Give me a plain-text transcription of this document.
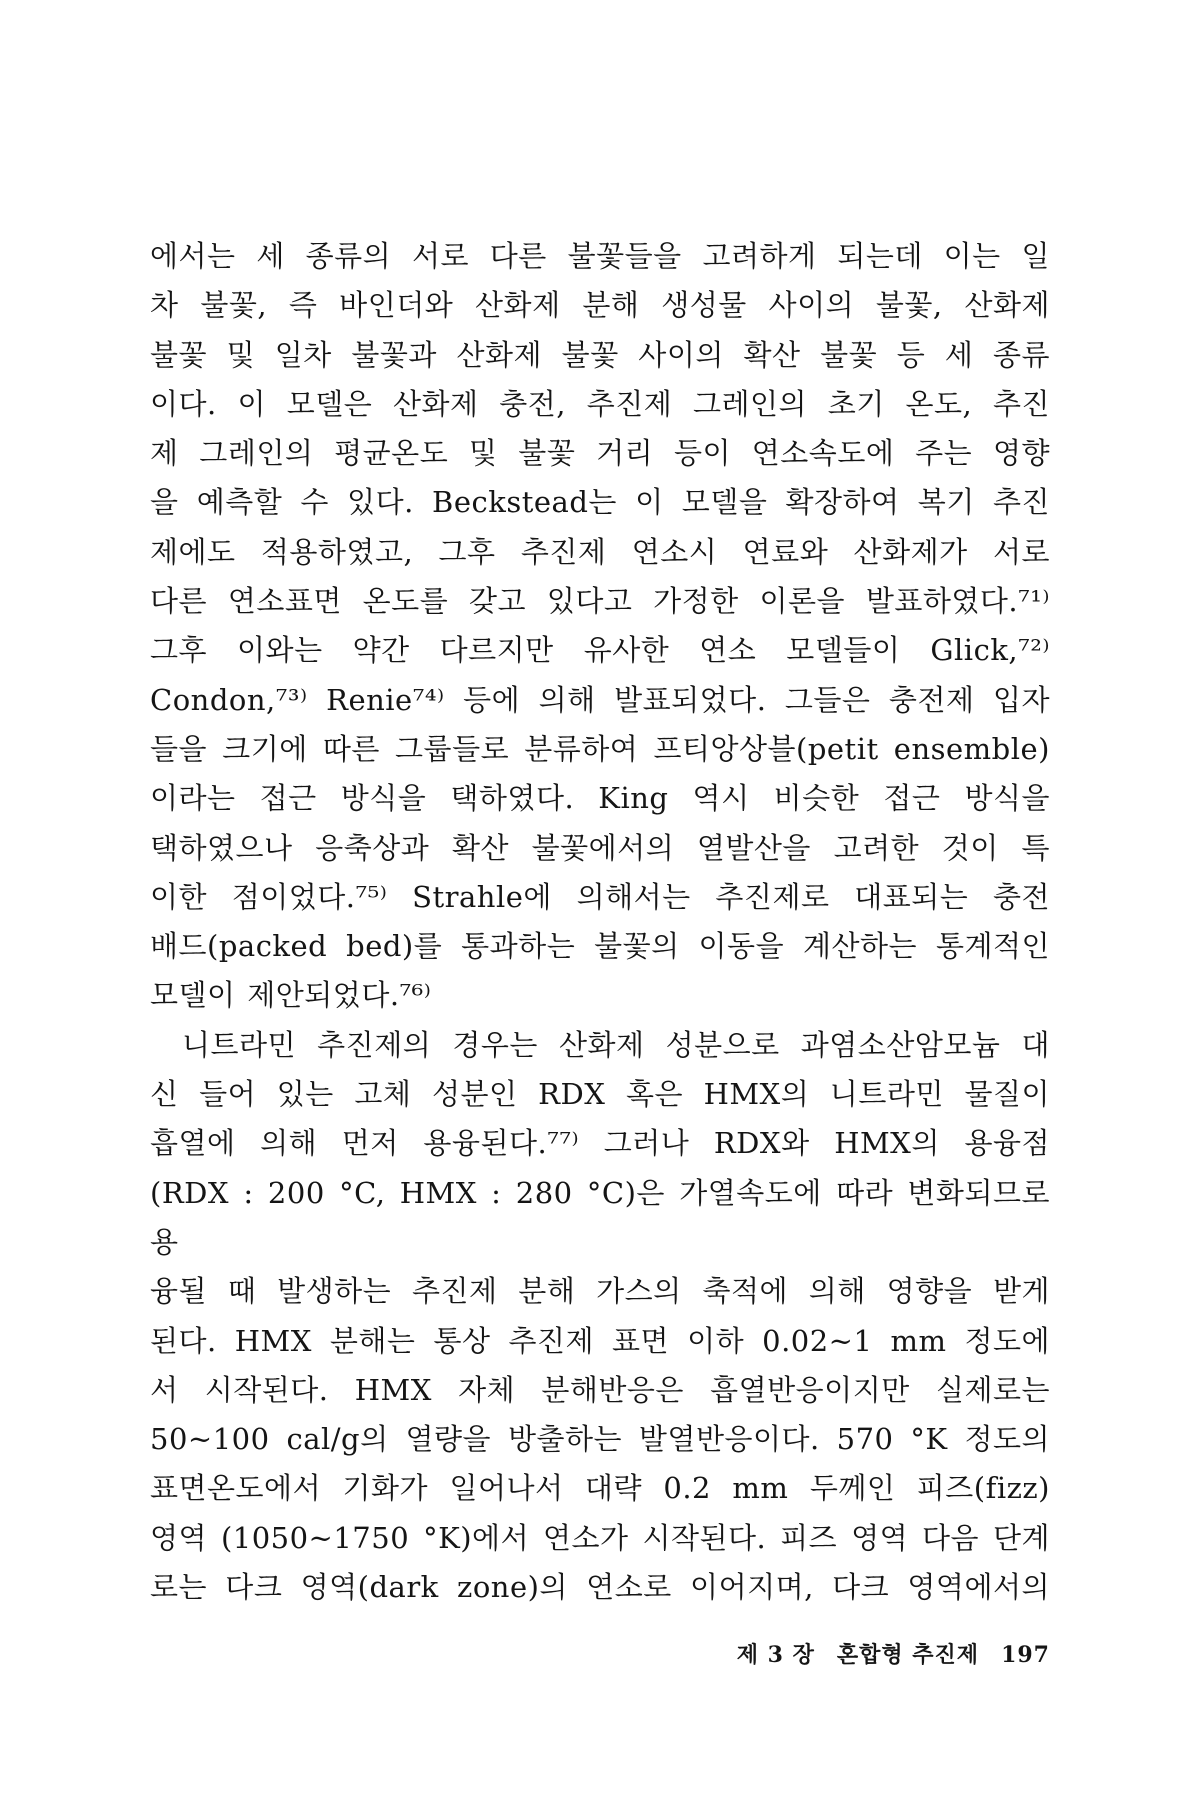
에서는 세 종류의 서로 다른 불꽃들을 고려하게 되는데 이는 일
차 불꽃, 즉 바인더와 산화제 분해 생성물 사이의 불꽃, 산화제
불꽃 및 일차 불꽃과 산화제 불꽃 사이의 확산 불꽃 등 세 종류
이다. 이 모델은 산화제 충전, 추진제 그레인의 초기 온도, 추진
제 그레인의 평균온도 및 불꽃 거리 등이 연소속도에 주는 영향
을 예측할 수 있다. Beckstead는 이 모델을 확장하여 복기 추진
제에도 적용하였고, 그후 추진제 연소시 연료와 산화제가 서로
다른 연소표면 온도를 갖고 있다고 가정한 이론을 발표하였다.⁷¹⁾
그후 이와는 약간 다르지만 유사한 연소 모델들이 Glick,⁷²⁾
Condon,⁷³⁾ Renie⁷⁴⁾ 등에 의해 발표되었다. 그들은 충전제 입자
들을 크기에 따른 그룹들로 분류하여 프티앙상블(petit ensemble)
이라는 접근 방식을 택하였다. King 역시 비슷한 접근 방식을
택하였으나 응축상과 확산 불꽃에서의 열발산을 고려한 것이 특
이한 점이었다.⁷⁵⁾ Strahle에 의해서는 추진제로 대표되는 충전
배드(packed bed)를 통과하는 불꽃의 이동을 계산하는 통계적인
모델이 제안되었다.⁷⁶⁾

니트라민 추진제의 경우는 산화제 성분으로 과염소산암모늄 대
신 들어 있는 고체 성분인 RDX 혹은 HMX의 니트라민 물질이
흡열에 의해 먼저 용융된다.⁷⁷⁾ 그러나 RDX와 HMX의 용융점
(RDX : 200 °C, HMX : 280 °C)은 가열속도에 따라 변화되므로 용
융될 때 발생하는 추진제 분해 가스의 축적에 의해 영향을 받게
된다. HMX 분해는 통상 추진제 표면 이하 0.02~1 mm 정도에
서 시작된다. HMX 자체 분해반응은 흡열반응이지만 실제로는
50~100 cal/g의 열량을 방출하는 발열반응이다. 570 °K 정도의
표면온도에서 기화가 일어나서 대략 0.2 mm 두께인 피즈(fizz)
영역 (1050~1750 °K)에서 연소가 시작된다. 피즈 영역 다음 단계
로는 다크 영역(dark zone)의 연소로 이어지며, 다크 영역에서의

제 3 장 혼합형 추진제 197
